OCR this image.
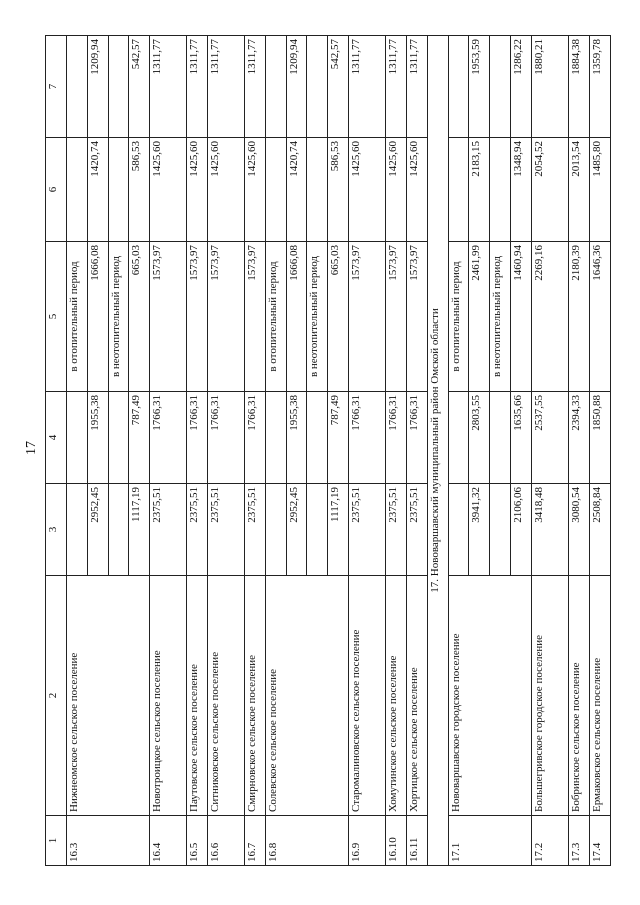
17
1	2	3	4	5	6	7
16.3	Нижнеомское сельское поселение			в отопительный период		
		2952,45	1955,38	1666,08	1420,74	1209,94
				в неотопительный период		
		1117,19	787,49	665,03	586,53	542,57
16.4	Новотроицкое сельское поселение	2375,51	1766,31	1573,97	1425,60	1311,77
16.5	Паутовское сельское поселение	2375,51	1766,31	1573,97	1425,60	1311,77
16.6	Ситниковское сельское поселение	2375,51	1766,31	1573,97	1425,60	1311,77
16.7	Смирновское сельское поселение	2375,51	1766,31	1573,97	1425,60	1311,77
16.8	Солевское сельское поселение			в отопительный период		
		2952,45	1955,38	1666,08	1420,74	1209,94
				в неотопительный период		
		1117,19	787,49	665,03	586,53	542,57
16.9	Старомалиновское сельское поселение	2375,51	1766,31	1573,97	1425,60	1311,77
16.10	Хомутинское сельское поселение	2375,51	1766,31	1573,97	1425,60	1311,77
16.11	Хортицкое сельское поселение	2375,51	1766,31	1573,97	1425,60	1311,77
17. Нововаршавский муниципальный район Омской области						
17.1	Нововаршавское городское поселение			в отопительный период		
		3941,32	2803,55	2461,99	2183,15	1953,59
				в неотопительный период		
		2106,06	1635,66	1460,94	1348,94	1286,22
17.2	Большегривское городское поселение	3418,48	2537,55	2269,16	2054,52	1880,21
17.3	Бобринское сельское поселение	3080,54	2394,33	2180,39	2013,54	1884,38
17.4	Ермаковское сельское поселение	2508,84	1850,88	1646,36	1485,80	1359,78
